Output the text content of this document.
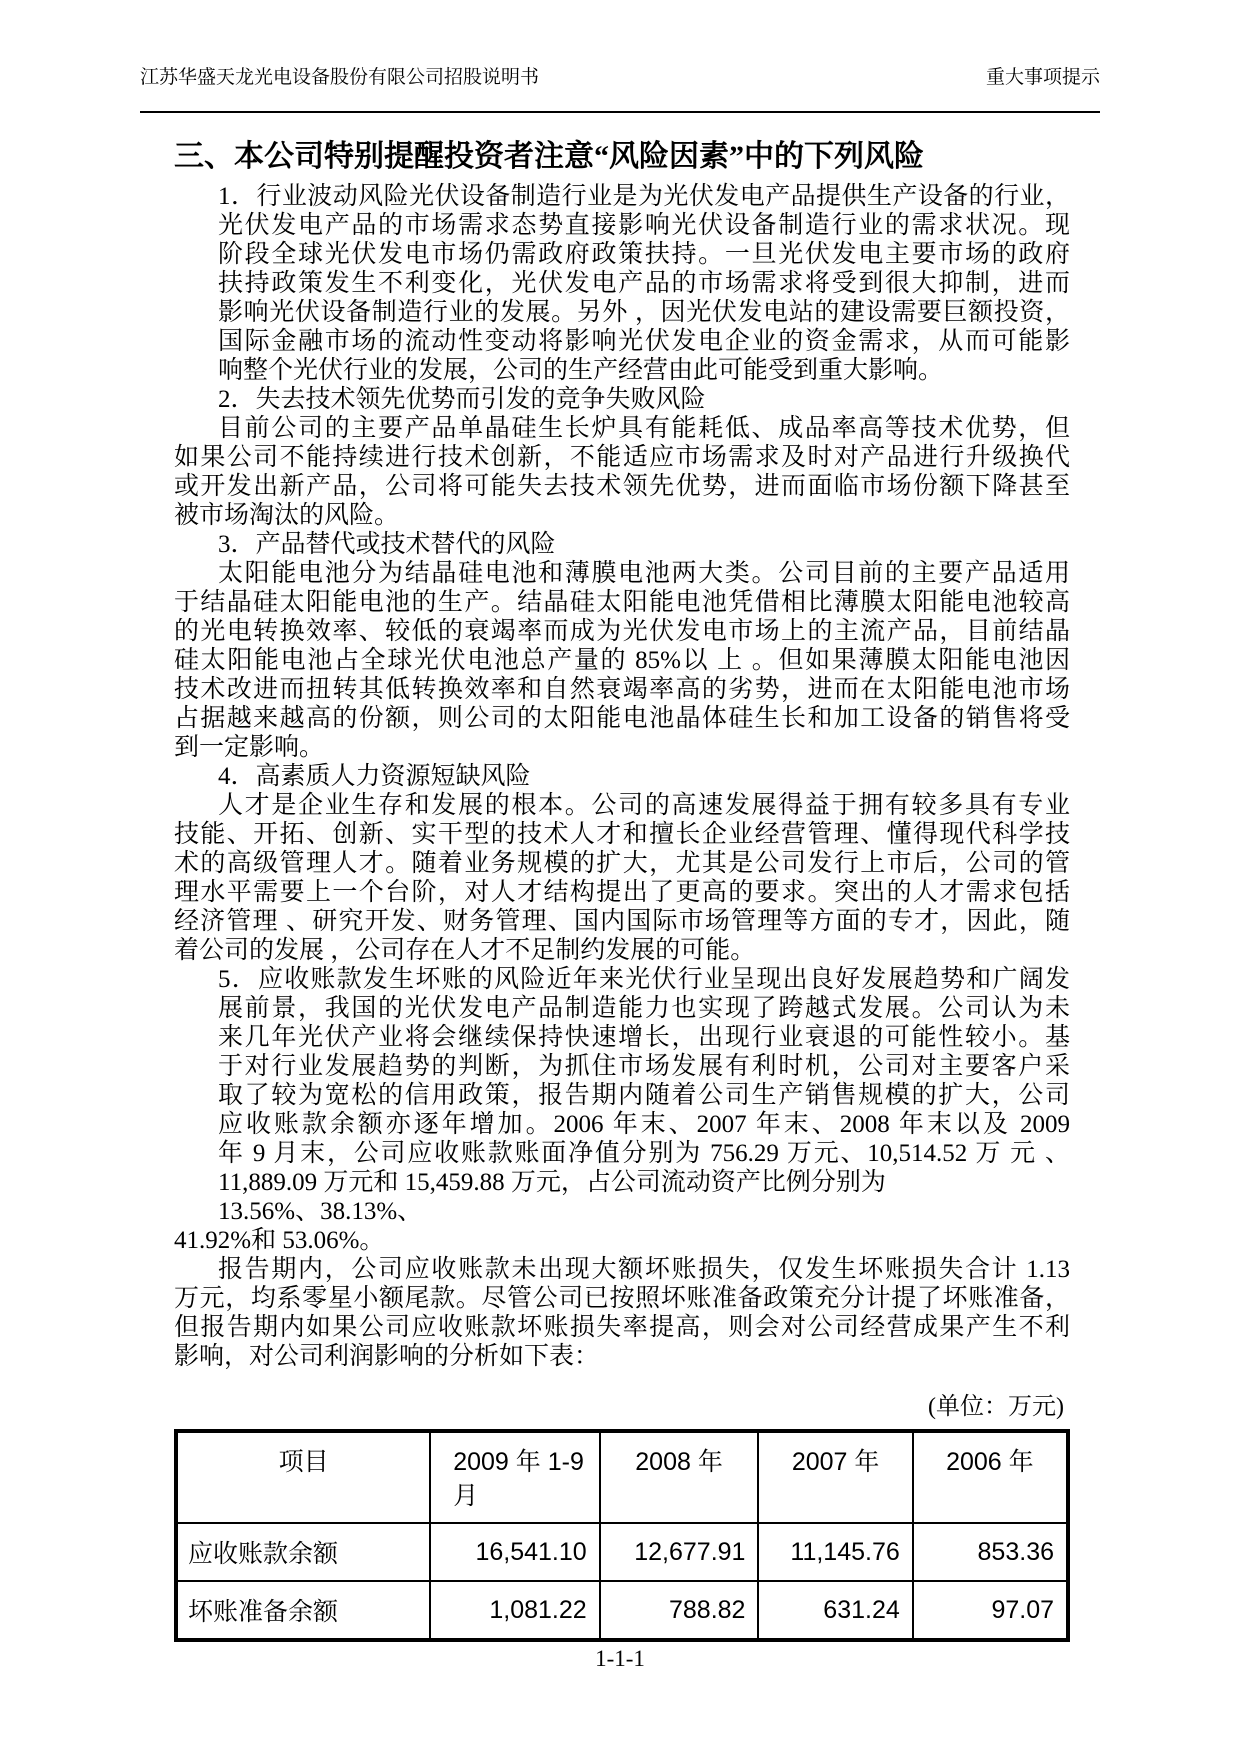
江苏华盛天龙光电设备股份有限公司招股说明书	重大事项提示
三、本公司特别提醒投资者注意“风险因素”中的下列风险
1．行业波动风险光伏设备制造行业是为光伏发电产品提供生产设备的行业，
光伏发电产品的市场需求态势直接影响光伏设备制造行业的需求状况。现
阶段全球光伏发电市场仍需政府政策扶持。一旦光伏发电主要市场的政府
扶持政策发生不利变化，光伏发电产品的市场需求将受到很大抑制，进而
影响光伏设备制造行业的发展。另外 ，因光伏发电站的建设需要巨额投资，
国际金融市场的流动性变动将影响光伏发电企业的资金需求，从而可能影
响整个光伏行业的发展，公司的生产经营由此可能受到重大影响。
2．失去技术领先优势而引发的竞争失败风险
目前公司的主要产品单晶硅生长炉具有能耗低、成品率高等技术优势，但
如果公司不能持续进行技术创新，不能适应市场需求及时对产品进行升级换代
或开发出新产品，公司将可能失去技术领先优势，进而面临市场份额下降甚至
被市场淘汰的风险。
3．产品替代或技术替代的风险
太阳能电池分为结晶硅电池和薄膜电池两大类。公司目前的主要产品适用
于结晶硅太阳能电池的生产。结晶硅太阳能电池凭借相比薄膜太阳能电池较高
的光电转换效率、较低的衰竭率而成为光伏发电市场上的主流产品，目前结晶
硅太阳能电池占全球光伏电池总产量的 85%以 上 。但如果薄膜太阳能电池因
技术改进而扭转其低转换效率和自然衰竭率高的劣势，进而在太阳能电池市场
占据越来越高的份额，则公司的太阳能电池晶体硅生长和加工设备的销售将受
到一定影响。
4．高素质人力资源短缺风险
人才是企业生存和发展的根本。公司的高速发展得益于拥有较多具有专业
技能、开拓、创新、实干型的技术人才和擅长企业经营管理、懂得现代科学技
术的高级管理人才。随着业务规模的扩大，尤其是公司发行上市后，公司的管
理水平需要上一个台阶，对人才结构提出了更高的要求。突出的人才需求包括
经济管理 、研究开发、财务管理、国内国际市场管理等方面的专才，因此，随
着公司的发展 ，公司存在人才不足制约发展的可能。
5．应收账款发生坏账的风险近年来光伏行业呈现出良好发展趋势和广阔发
展前景，我国的光伏发电产品制造能力也实现了跨越式发展。公司认为未
来几年光伏产业将会继续保持快速增长，出现行业衰退的可能性较小。基
于对行业发展趋势的判断，为抓住市场发展有利时机，公司对主要客户采
取了较为宽松的信用政策，报告期内随着公司生产销售规模的扩大，公司
应收账款余额亦逐年增加。2006 年末、2007 年末、2008 年末以及 2009
年 9 月末，公司应收账款账面净值分别为 756.29 万元、10,514.52 万 元 、
11,889.09 万元和 15,459.88 万元，占公司流动资产比例分别为
13.56%、38.13%、
41.92%和 53.06%。
报告期内，公司应收账款未出现大额坏账损失，仅发生坏账损失合计 1.13
万元，均系零星小额尾款。尽管公司已按照坏账准备政策充分计提了坏账准备，
但报告期内如果公司应收账款坏账损失率提高，则会对公司经营成果产生不利
影响，对公司利润影响的分析如下表：
(单位：万元)
项目	2009 年 1-9 月	2008 年	2007 年	2006 年
应收账款余额	16,541.10	12,677.91	11,145.76	853.36
坏账准备余额	1,081.22	788.82	631.24	97.07
1-1-1
